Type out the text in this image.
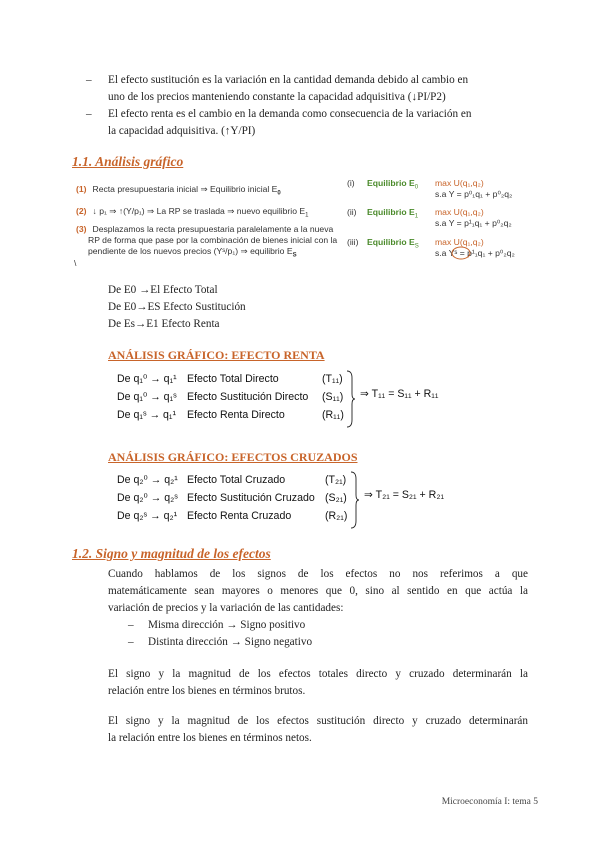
– El efecto sustitución es la variación en la cantidad demanda debido al cambio en
uno de los precios manteniendo constante la capacidad adquisitiva (↓PI/P2)
– El efecto renta es el cambio en la demanda como consecuencia de la variación en
la capacidad adquisitiva. (↑Y/PI)
1.1. Análisis gráfico
(1) Recta presupuestaria inicial ⇒ Equilibrio inicial $E_0$
(2) ↓ p₁ ⇒ ↑(Y/p₁) ⇒ La RP se traslada ⇒ nuevo equilibrio $E_1$
(3) Desplazamos la recta presupuestaria paralelamente a la nueva
RP de forma que pase por la combinación de bienes inicial con la
pendiente de los nuevos precios (Yˢ/p₁) ⇒ equilibrio $E_S$
\
(i) Equilibrio $E_0$ max U(q₁,q₂)
s.a Y = p⁰₁q₁ + p⁰₂q₂
(ii) Equilibrio $E_1$ max U(q₁,q₂)
s.a Y = p¹₁q₁ + p⁰₂q₂
(iii) Equilibrio $E_S$ max U(q₁,q₂)
s.a Yˢ = p¹₁q₁ + p⁰₂q₂
De E0 →El Efecto Total
De E0→ES Efecto Sustitución
De Es→E1 Efecto Renta
ANÁLISIS GRÁFICO: EFECTO RENTA
De q₁⁰ → q₁¹ Efecto Total Directo	(T₁₁)
De q₁⁰ → q₁ˢ Efecto Sustitución Directo (S₁₁)
De q₁ˢ → q₁¹ Efecto Renta Directo	(R₁₁)
⇒ T₁₁ = S₁₁ + R₁₁
ANÁLISIS GRÁFICO: EFECTOS CRUZADOS
De q₂⁰ → q₂¹ Efecto Total Cruzado	(T₂₁)
De q₂⁰ → q₂ˢ Efecto Sustitución Cruzado (S₂₁)
De q₂ˢ → q₂¹ Efecto Renta Cruzado	(R₂₁)
⇒ T₂₁ = S₂₁ + R₂₁
1.2. Signo y magnitud de los efectos
Cuando hablamos de los signos de los efectos no nos referimos a que
matemáticamente sean mayores o menores que 0, sino al sentido en que actúa la
variación de precios y la variación de las cantidades:
– Misma dirección → Signo positivo
– Distinta dirección → Signo negativo
El signo y la magnitud de los efectos totales directo y cruzado determinarán la
relación entre los bienes en términos brutos.
El signo y la magnitud de los efectos sustitución directo y cruzado determinarán
la relación entre los bienes en términos netos.
Microeconomía I: tema 5
